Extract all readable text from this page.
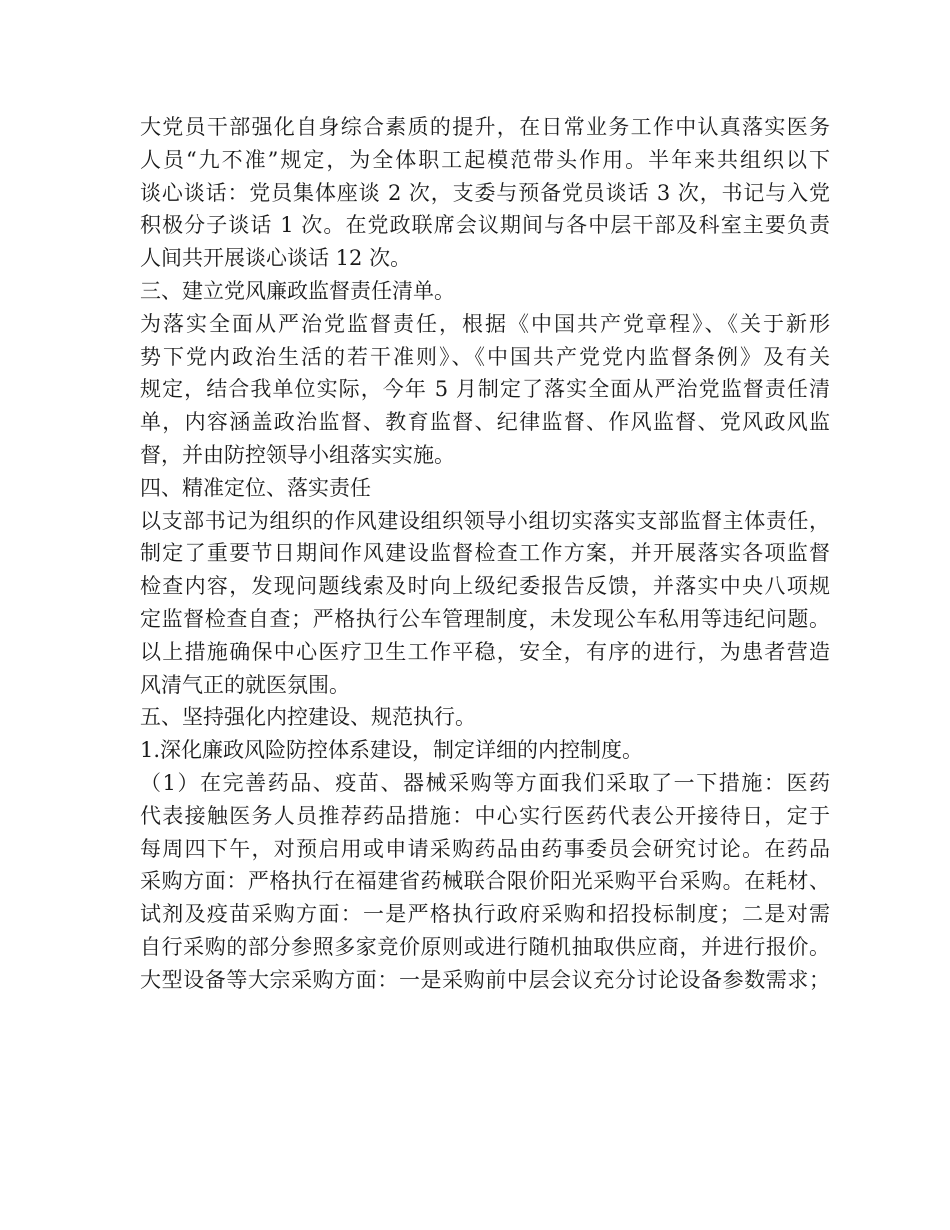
大党员干部强化自身综合素质的提升，在日常业务工作中认真落实医务
人员“九不准”规定，为全体职工起模范带头作用。半年来共组织以下
谈心谈话：党员集体座谈 2 次，支委与预备党员谈话 3 次，书记与入党
积极分子谈话 1 次。在党政联席会议期间与各中层干部及科室主要负责
人间共开展谈心谈话 12 次。
三、建立党风廉政监督责任清单。
为落实全面从严治党监督责任，根据《中国共产党章程》、《关于新形
势下党内政治生活的若干准则》、《中国共产党党内监督条例》及有关
规定，结合我单位实际，今年 5 月制定了落实全面从严治党监督责任清
单，内容涵盖政治监督、教育监督、纪律监督、作风监督、党风政风监
督，并由防控领导小组落实实施。
四、精准定位、落实责任
以支部书记为组织的作风建设组织领导小组切实落实支部监督主体责任，
制定了重要节日期间作风建设监督检查工作方案，并开展落实各项监督
检查内容，发现问题线索及时向上级纪委报告反馈，并落实中央八项规
定监督检查自查；严格执行公车管理制度，未发现公车私用等违纪问题。
以上措施确保中心医疗卫生工作平稳，安全，有序的进行，为患者营造
风清气正的就医氛围。
五、坚持强化内控建设、规范执行。
1.深化廉政风险防控体系建设，制定详细的内控制度。
（1）在完善药品、疫苗、器械采购等方面我们采取了一下措施：医药
代表接触医务人员推荐药品措施：中心实行医药代表公开接待日，定于
每周四下午，对预启用或申请采购药品由药事委员会研究讨论。在药品
采购方面：严格执行在福建省药械联合限价阳光采购平台采购。在耗材、
试剂及疫苗采购方面：一是严格执行政府采购和招投标制度；二是对需
自行采购的部分参照多家竞价原则或进行随机抽取供应商，并进行报价。
大型设备等大宗采购方面：一是采购前中层会议充分讨论设备参数需求；
